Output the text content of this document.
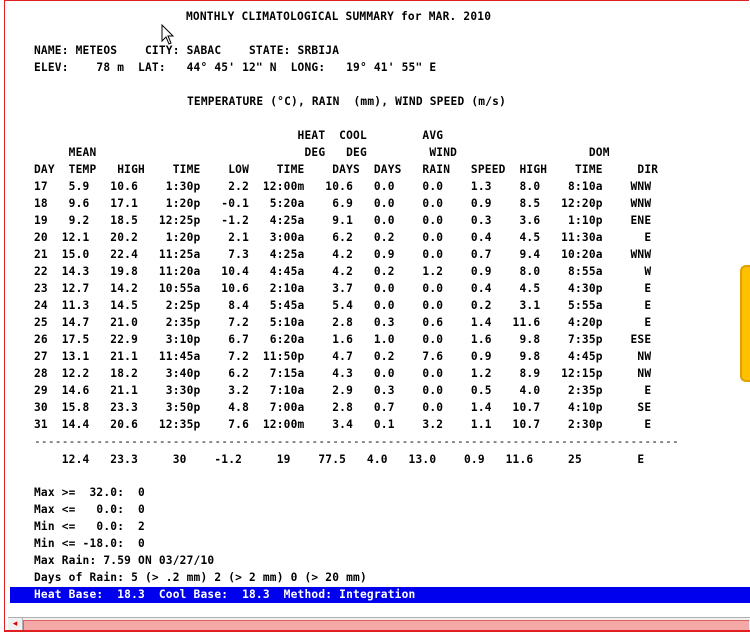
MONTHLY CLIMATOLOGICAL SUMMARY for MAR. 2010
NAME: METEOS    CITY: SABAC    STATE: SRBIJA
ELEV:    78 m  LAT:   44° 45' 12" N  LONG:   19° 41' 55" E
TEMPERATURE (°C), RAIN  (mm), WIND SPEED (m/s)
HEAT  COOL        AVG
MEAN                              DEG   DEG         WIND                   DOM
DAY  TEMP   HIGH    TIME    LOW    TIME    DAYS  DAYS   RAIN   SPEED  HIGH    TIME     DIR
17   5.9   10.6    1:30p    2.2  12:00m   10.6   0.0    0.0    1.3    8.0    8:10a    WNW
18   9.6   17.1    1:20p   -0.1   5:20a    6.9   0.0    0.0    0.9    8.5   12:20p    WNW
19   9.2   18.5   12:25p   -1.2   4:25a    9.1   0.0    0.0    0.3    3.6    1:10p    ENE
20  12.1   20.2    1:20p    2.1   3:00a    6.2   0.2    0.0    0.4    4.5   11:30a      E
21  15.0   22.4   11:25a    7.3   4:25a    4.2   0.9    0.0    0.7    9.4   10:20a    WNW
22  14.3   19.8   11:20a   10.4   4:45a    4.2   0.2    1.2    0.9    8.0    8:55a      W
23  12.7   14.2   10:55a   10.6   2:10a    3.7   0.0    0.0    0.4    4.5    4:30p      E
24  11.3   14.5    2:25p    8.4   5:45a    5.4   0.0    0.0    0.2    3.1    5:55a      E
25  14.7   21.0    2:35p    7.2   5:10a    2.8   0.3    0.6    1.4   11.6    4:20p      E
26  17.5   22.9    3:10p    6.7   6:20a    1.6   1.0    0.0    1.6    9.8    7:35p    ESE
27  13.1   21.1   11:45a    7.2  11:50p    4.7   0.2    7.6    0.9    9.8    4:45p     NW
28  12.2   18.2    3:40p    6.2   7:15a    4.3   0.0    0.0    1.2    8.9   12:15p     NW
29  14.6   21.1    3:30p    3.2   7:10a    2.9   0.3    0.0    0.5    4.0    2:35p      E
30  15.8   23.3    3:50p    4.8   7:00a    2.8   0.7    0.0    1.4   10.7    4:10p     SE
31  14.4   20.6   12:35p    7.6  12:00m    3.4   0.1    3.2    1.1   10.7    2:30p      E
---------------------------------------------------------------------------------------------
12.4   23.3     30    -1.2     19    77.5   4.0   13.0    0.9   11.6     25        E
Max >=  32.0:  0
Max <=   0.0:  0
Min <=   0.0:  2
Min <= -18.0:  0
Max Rain: 7.59 ON 03/27/10
Days of Rain: 5 (> .2 mm) 2 (> 2 mm) 0 (> 20 mm)
Heat Base:  18.3  Cool Base:  18.3  Method: Integration
◂
